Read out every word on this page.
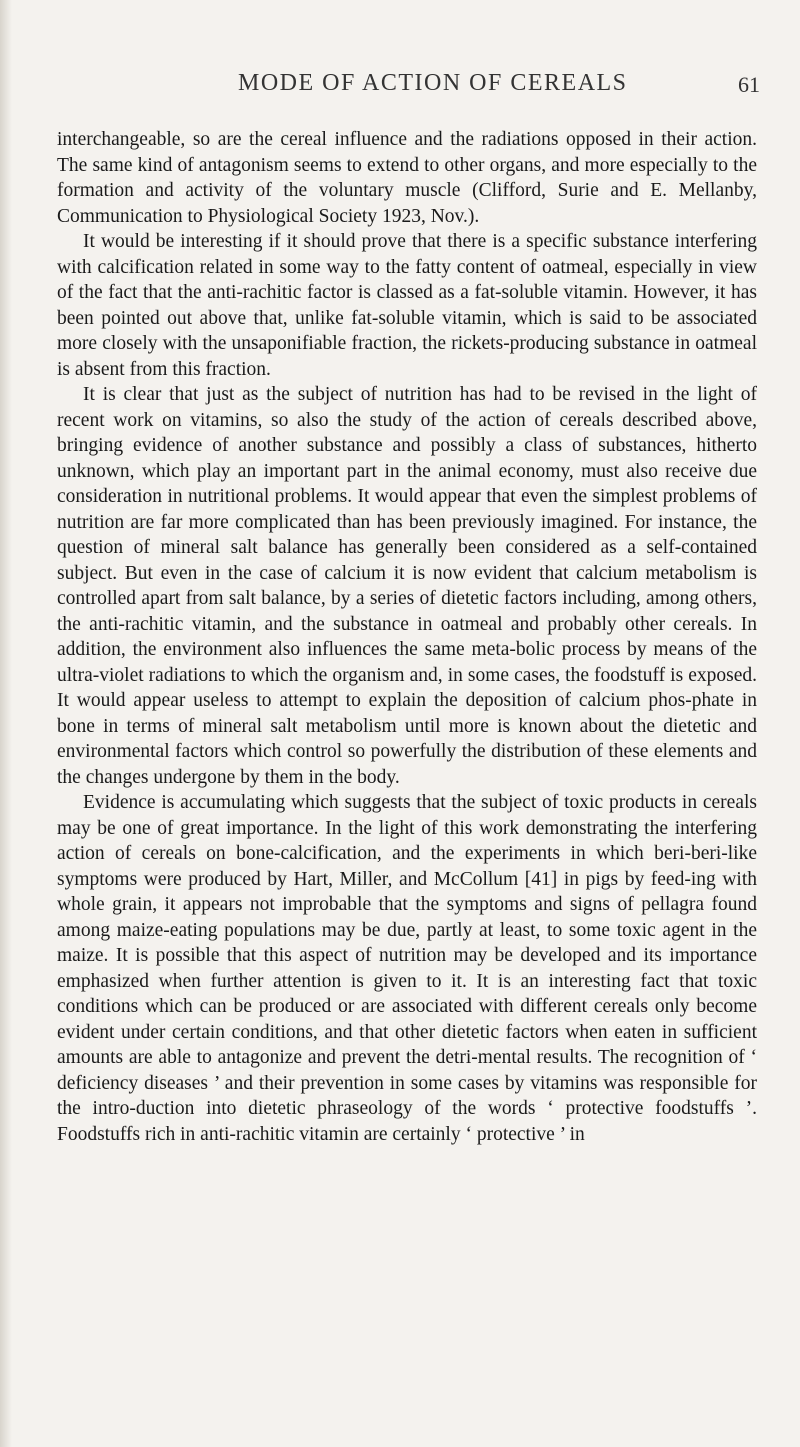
MODE OF ACTION OF CEREALS	61

interchangeable, so are the cereal influence and the radiations opposed in their action. The same kind of antagonism seems to extend to other organs, and more especially to the formation and activity of the voluntary muscle (Clifford, Surie and E. Mellanby, Communication to Physiological Society 1923, Nov.).

It would be interesting if it should prove that there is a specific substance interfering with calcification related in some way to the fatty content of oatmeal, especially in view of the fact that the anti-rachitic factor is classed as a fat-soluble vitamin. However, it has been pointed out above that, unlike fat-soluble vitamin, which is said to be associated more closely with the unsaponifiable fraction, the rickets-producing substance in oatmeal is absent from this fraction.

It is clear that just as the subject of nutrition has had to be revised in the light of recent work on vitamins, so also the study of the action of cereals described above, bringing evidence of another substance and possibly a class of substances, hitherto unknown, which play an important part in the animal economy, must also receive due consideration in nutritional problems. It would appear that even the simplest problems of nutrition are far more complicated than has been previously imagined. For instance, the question of mineral salt balance has generally been considered as a self-contained subject. But even in the case of calcium it is now evident that calcium metabolism is controlled apart from salt balance, by a series of dietetic factors including, among others, the anti-rachitic vitamin, and the substance in oatmeal and probably other cereals. In addition, the environment also influences the same meta-bolic process by means of the ultra-violet radiations to which the organism and, in some cases, the foodstuff is exposed. It would appear useless to attempt to explain the deposition of calcium phos-phate in bone in terms of mineral salt metabolism until more is known about the dietetic and environmental factors which control so powerfully the distribution of these elements and the changes undergone by them in the body.

Evidence is accumulating which suggests that the subject of toxic products in cereals may be one of great importance. In the light of this work demonstrating the interfering action of cereals on bone-calcification, and the experiments in which beri-beri-like symptoms were produced by Hart, Miller, and McCollum [41] in pigs by feed-ing with whole grain, it appears not improbable that the symptoms and signs of pellagra found among maize-eating populations may be due, partly at least, to some toxic agent in the maize. It is possible that this aspect of nutrition may be developed and its importance emphasized when further attention is given to it. It is an interesting fact that toxic conditions which can be produced or are associated with different cereals only become evident under certain conditions, and that other dietetic factors when eaten in sufficient amounts are able to antagonize and prevent the detri-mental results. The recognition of ‘ deficiency diseases ’ and their prevention in some cases by vitamins was responsible for the intro-duction into dietetic phraseology of the words ‘ protective foodstuffs ’. Foodstuffs rich in anti-rachitic vitamin are certainly ‘ protective ’ in
